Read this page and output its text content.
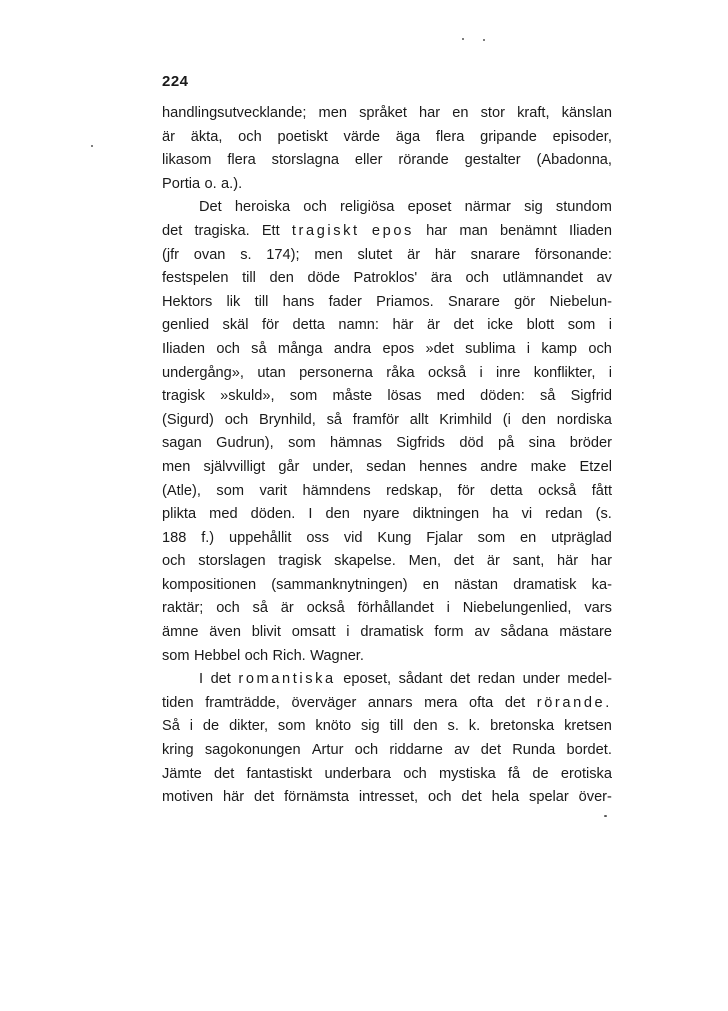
224
handlingsutvecklande; men språket har en stor kraft, känslan
är äkta, och poetiskt värde äga flera gripande episoder,
likasom flera storslagna eller rörande gestalter (Abadonna,
Portia o. a.).
Det heroiska och religiösa eposet närmar sig stundom
det tragiska. Ett tragiskt epos har man benämnt Iliaden
(jfr ovan s. 174); men slutet är här snarare försonande:
festspelen till den döde Patroklos' ära och utlämnandet av
Hektors lik till hans fader Priamos. Snarare gör Niebelun-
genlied skäl för detta namn: här är det icke blott som i
Iliaden och så många andra epos »det sublima i kamp och
undergång», utan personerna råka också i inre konflikter, i
tragisk »skuld», som måste lösas med döden: så Sigfrid
(Sigurd) och Brynhild, så framför allt Krimhild (i den nordiska
sagan Gudrun), som hämnas Sigfrids död på sina bröder
men självvilligt går under, sedan hennes andre make Etzel
(Atle), som varit hämndens redskap, för detta också fått
plikta med döden. I den nyare diktningen ha vi redan (s.
188 f.) uppehållit oss vid Kung Fjalar som en utpräglad
och storslagen tragisk skapelse. Men, det är sant, här har
kompositionen (sammanknytningen) en nästan dramatisk ka-
raktär; och så är också förhållandet i Niebelungenlied, vars
ämne även blivit omsatt i dramatisk form av sådana mästare
som Hebbel och Rich. Wagner.
I det romantiska eposet, sådant det redan under medel-
tiden framträdde, överväger annars mera ofta det rörande.
Så i de dikter, som knöto sig till den s. k. bretonska kretsen
kring sagokonungen Artur och riddarne av det Runda bordet.
Jämte det fantastiskt underbara och mystiska få de erotiska
motiven här det förnämsta intresset, och det hela spelar över-
